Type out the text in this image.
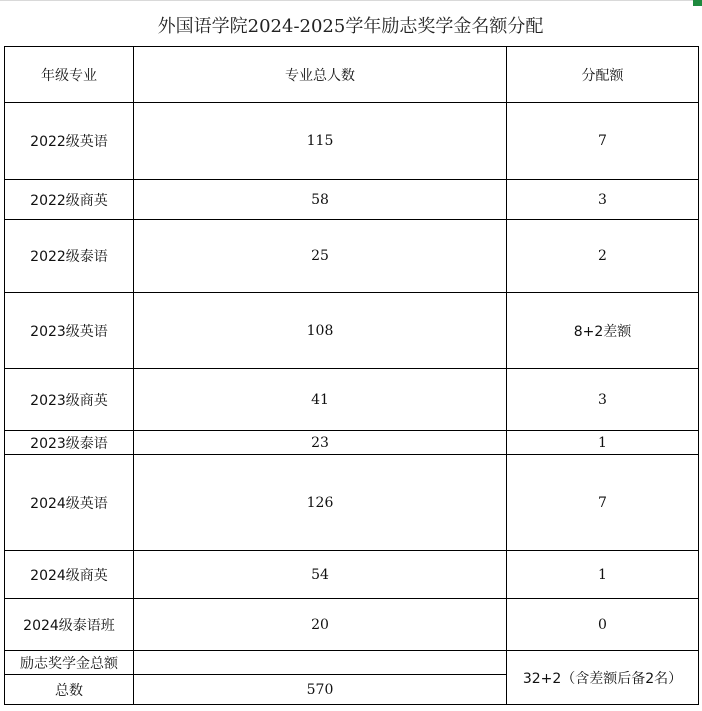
外国语学院2024-2025学年励志奖学金名额分配
年级专业	专业总人数	分配额
2022级英语	115	7
2022级商英	58	3
2022级泰语	25	2
2023级英语	108	8+2差额
2023级商英	41	3
2023级泰语	23	1
2024级英语	126	7
2024级商英	54	1
2024级泰语班	20	0
励志奖学金总额		32+2（含差额后备2名）
总数	570	
